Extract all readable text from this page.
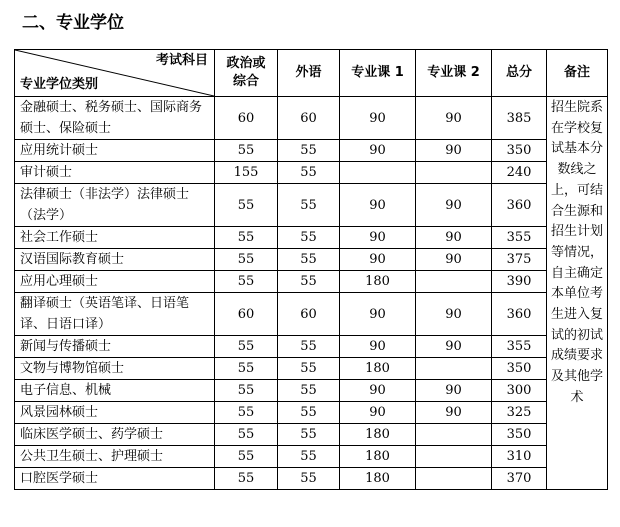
二、专业学位
考试科目
专业学位类别	政治或综合	外语	专业课 1	专业课 2	总分	备注
金融硕士、税务硕士、国际商务硕士、保险硕士	60	60	90	90	385	招生院系在学校复试基本分数线之上，可结合生源和招生计划等情况，自主确定本单位考生进入复试的初试成绩要求及其他学术

应用统计硕士	55	55	90	90	350	
审计硕士	155	55			240	
法律硕士（非法学）法律硕士（法学）	55	55	90	90	360	
社会工作硕士	55	55	90	90	355	
汉语国际教育硕士	55	55	90	90	375	
应用心理硕士	55	55	180		390	
翻译硕士（英语笔译、日语笔译、日语口译）	60	60	90	90	360	
新闻与传播硕士	55	55	90	90	355	
文物与博物馆硕士	55	55	180		350	
电子信息、机械	55	55	90	90	300	
风景园林硕士	55	55	90	90	325	
临床医学硕士、药学硕士	55	55	180		350	
公共卫生硕士、护理硕士	55	55	180		310	
口腔医学硕士	55	55	180		370	
